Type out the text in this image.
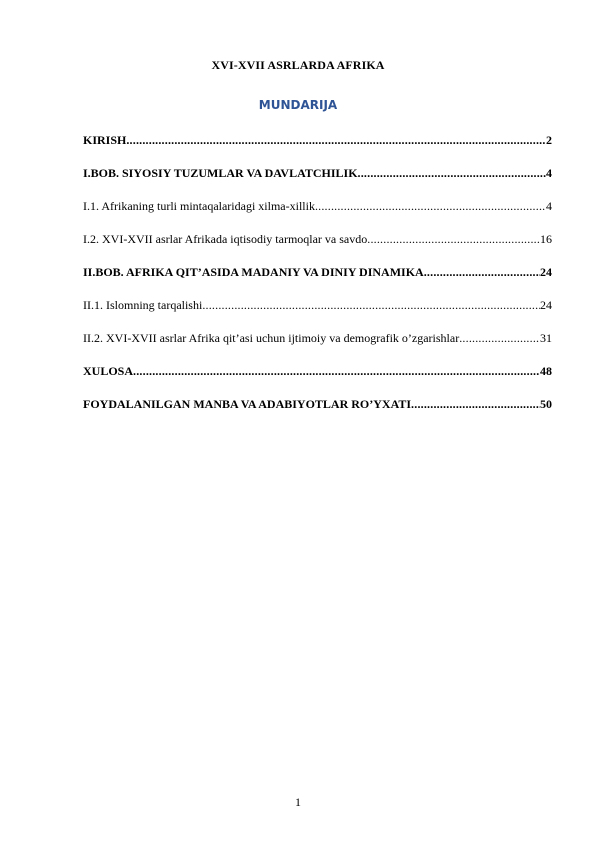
XVI-XVII ASRLARDA AFRIKA
MUNDARIJA
KIRISH .....	2
I.BOB. SIYOSIY TUZUMLAR VA DAVLATCHILIK .....	4
I.1. Afrikaning turli mintaqalaridagi xilma-xillik .....	4
I.2. XVI-XVII asrlar Afrikada iqtisodiy tarmoqlar va savdo .....	16
II.BOB. AFRIKA QIT’ASIDA MADANIY VA DINIY DINAMIKA .....	24
II.1. Islomning tarqalishi .....	24
II.2. XVI-XVII asrlar Afrika qit’asi uchun ijtimoiy va demografik o’zgarishlar .....	31
XULOSA .....	48
FOYDALANILGAN MANBA VA ADABIYOTLAR RO’YXATI .....	50
1
